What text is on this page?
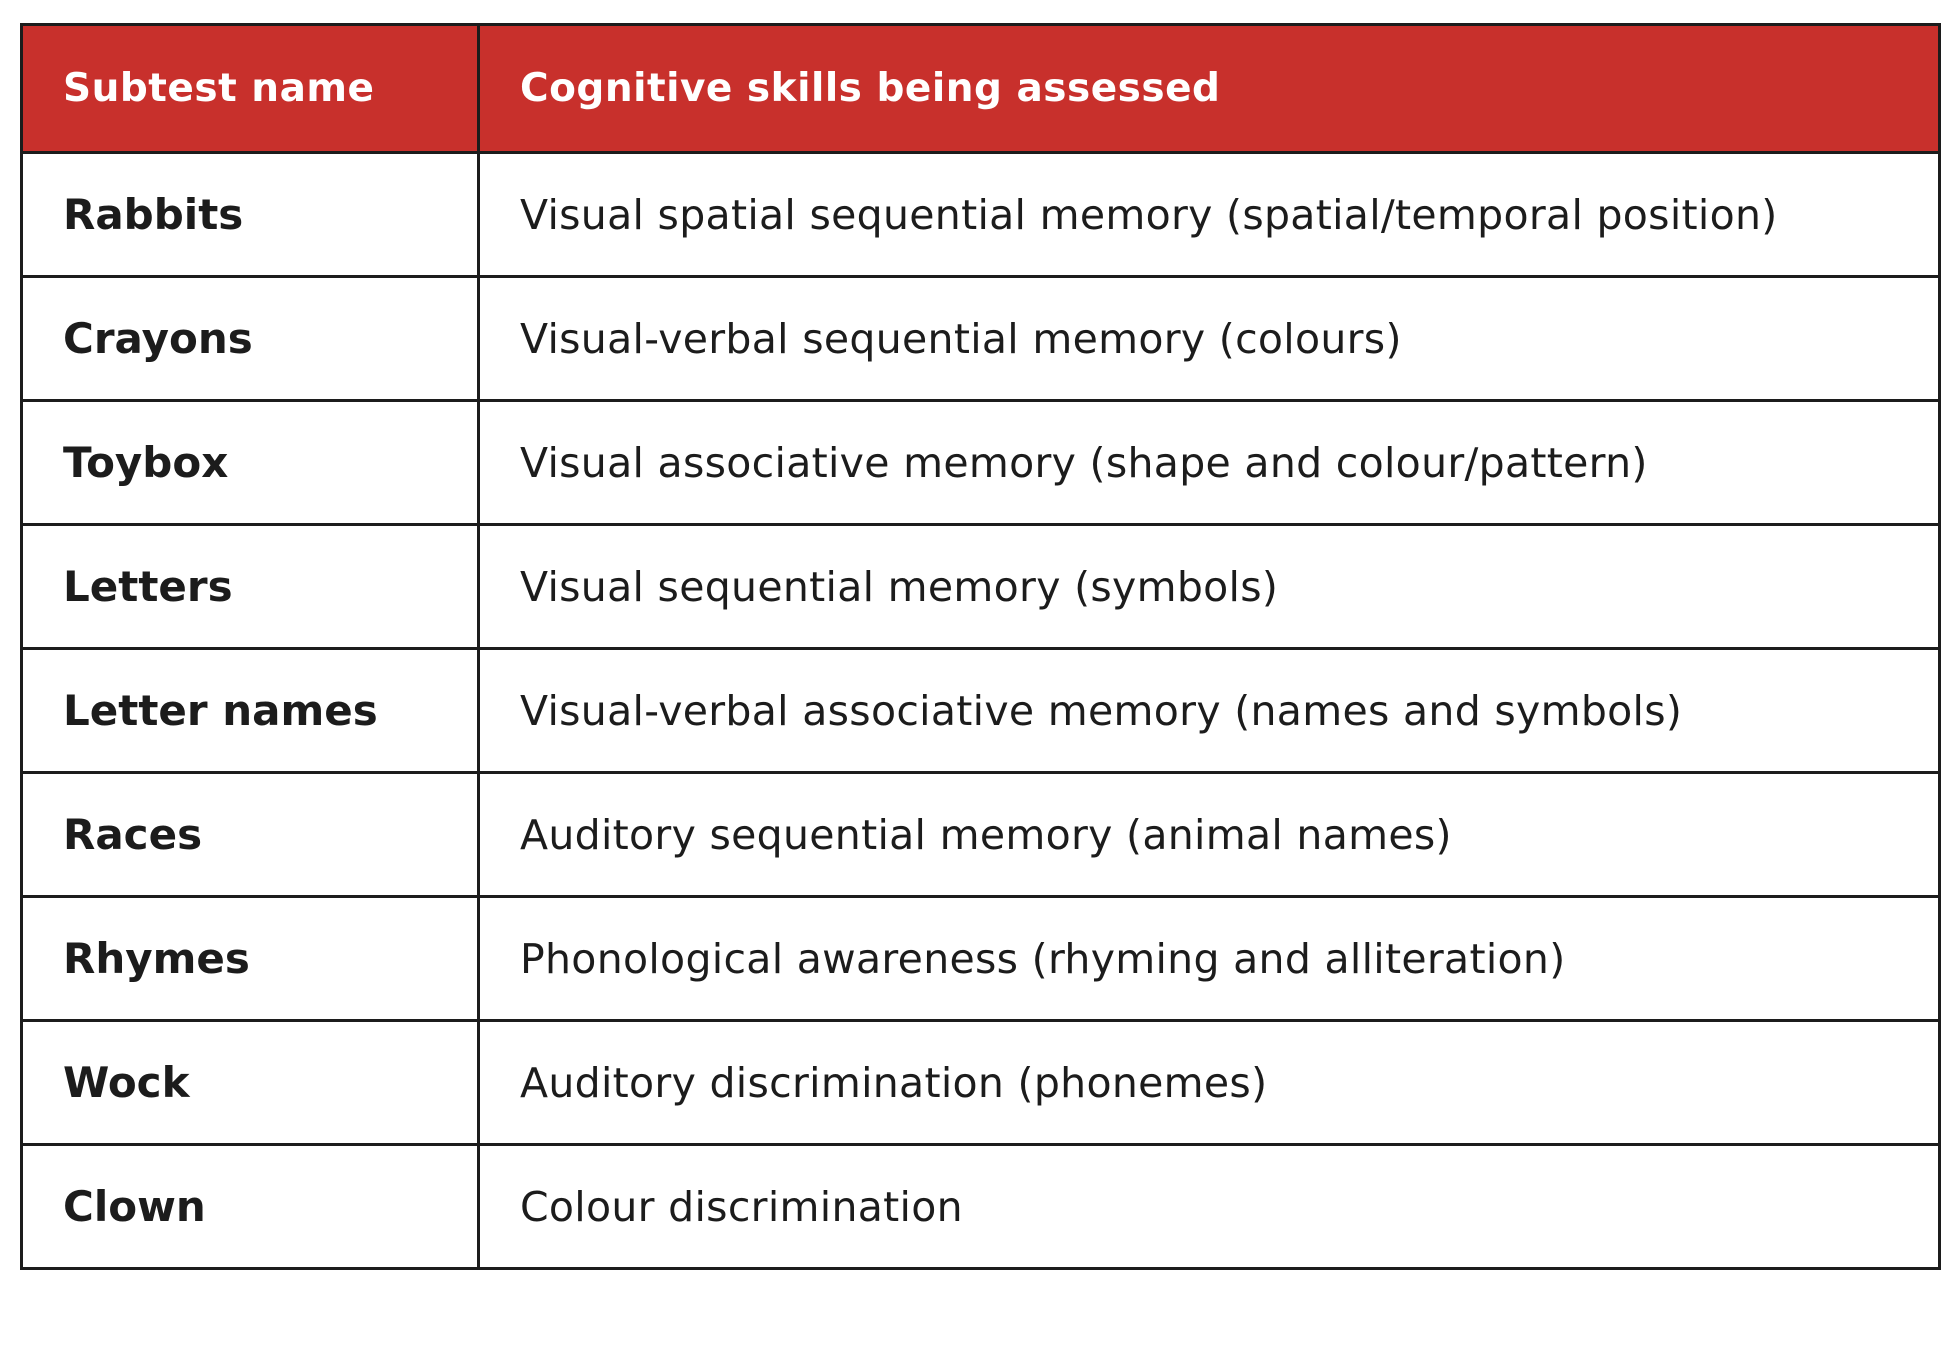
Subtest name	Cognitive skills being assessed
Rabbits	Visual spatial sequential memory (spatial/temporal position)
Crayons	Visual-verbal sequential memory (colours)
Toybox	Visual associative memory (shape and colour/pattern)
Letters	Visual sequential memory (symbols)
Letter names	Visual-verbal associative memory (names and symbols)
Races	Auditory sequential memory (animal names)
Rhymes	Phonological awareness (rhyming and alliteration)
Wock	Auditory discrimination (phonemes)
Clown	Colour discrimination
